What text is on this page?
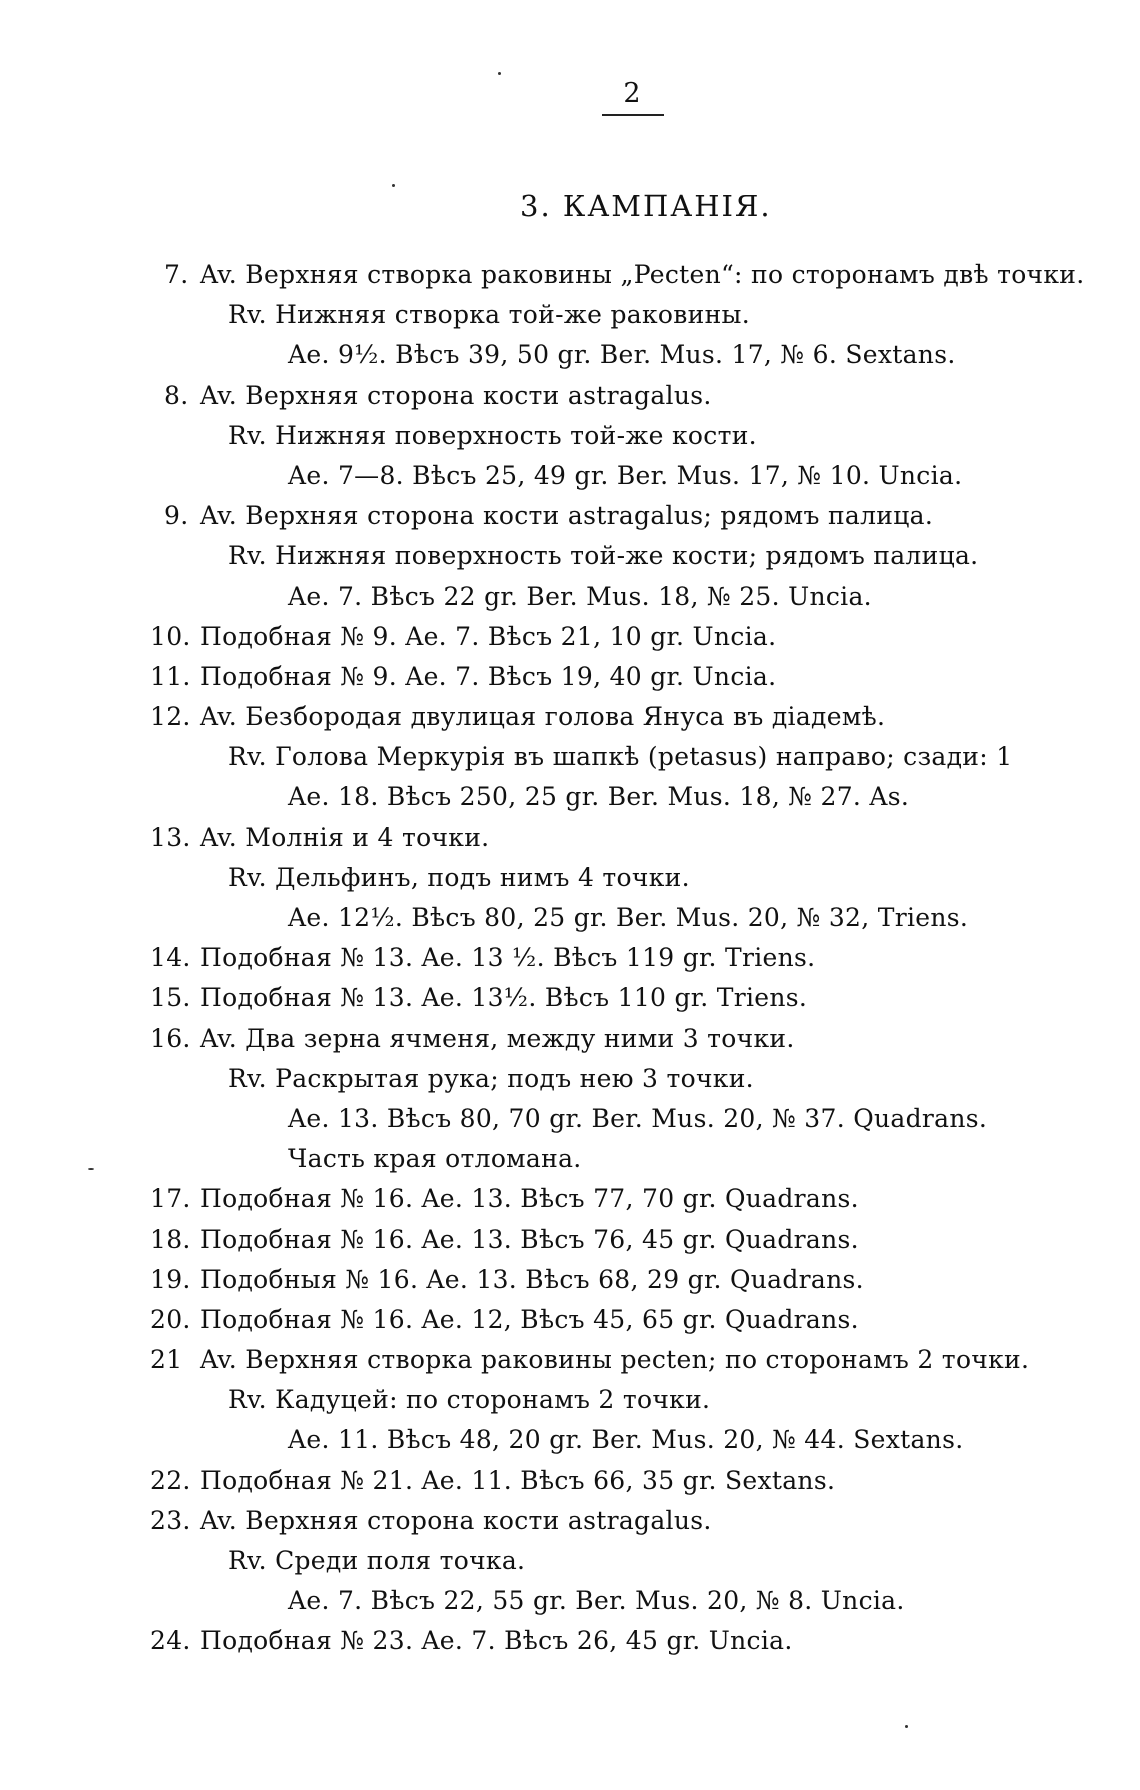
2
3. КАМПАНІЯ.
7. Av. Верхняя створка раковины „Pecten“: по сторонамъ двѣ точки.
Rv. Нижняя створка той-же раковины.
Ae. 9½. Вѣсъ 39, 50 gr. Ber. Mus. 17, № 6. Sextans.
8. Av. Верхняя сторона кости astragalus.
Rv. Нижняя поверхность той-же кости.
Ae. 7—8. Вѣсъ 25, 49 gr. Ber. Mus. 17, № 10. Uncia.
9. Av. Верхняя сторона кости astragalus; рядомъ палица.
Rv. Нижняя поверхность той-же кости; рядомъ палица.
Ae. 7. Вѣсъ 22 gr. Ber. Mus. 18, № 25. Uncia.
10. Подобная № 9. Ae. 7. Вѣсъ 21, 10 gr. Uncia.
11. Подобная № 9. Ae. 7. Вѣсъ 19, 40 gr. Uncia.
12. Av. Безбородая двулицая голова Януса въ діадемѣ.
Rv. Голова Меркурія въ шапкѣ (petasus) направо; сзади: 1
Ae. 18. Вѣсъ 250, 25 gr. Ber. Mus. 18, № 27. As.
13. Av. Молнія и 4 точки.
Rv. Дельфинъ, подъ нимъ 4 точки.
Ae. 12½. Вѣсъ 80, 25 gr. Ber. Mus. 20, № 32, Triens.
14. Подобная № 13. Ae. 13 ½. Вѣсъ 119 gr. Triens.
15. Подобная № 13. Ae. 13½. Вѣсъ 110 gr. Triens.
16. Av. Два зерна ячменя, между ними 3 точки.
Rv. Раскрытая рука; подъ нею 3 точки.
Ae. 13. Вѣсъ 80, 70 gr. Ber. Mus. 20, № 37. Quadrans.
Часть края отломана.
17. Подобная № 16. Ae. 13. Вѣсъ 77, 70 gr. Quadrans.
18. Подобная № 16. Ae. 13. Вѣсъ 76, 45 gr. Quadrans.
19. Подобныя № 16. Ae. 13. Вѣсъ 68, 29 gr. Quadrans.
20. Подобная № 16. Ae. 12, Вѣсъ 45, 65 gr. Quadrans.
21 Av. Верхняя створка раковины pecten; по сторонамъ 2 точки.
Rv. Кадуцей: по сторонамъ 2 точки.
Ae. 11. Вѣсъ 48, 20 gr. Ber. Mus. 20, № 44. Sextans.
22. Подобная № 21. Ae. 11. Вѣсъ 66, 35 gr. Sextans.
23. Av. Верхняя сторона кости astragalus.
Rv. Среди поля точка.
Ae. 7. Вѣсъ 22, 55 gr. Ber. Mus. 20, № 8. Uncia.
24. Подобная № 23. Ae. 7. Вѣсъ 26, 45 gr. Uncia.
